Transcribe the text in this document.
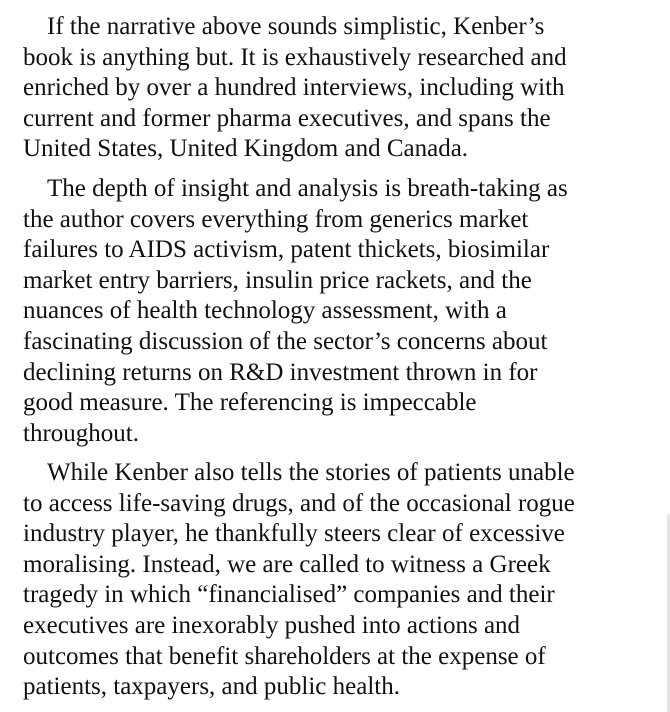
If the narrative above sounds simplistic, Kenber’s
book is anything but. It is exhaustively researched and
enriched by over a hundred interviews, including with
current and former pharma executives, and spans the
United States, United Kingdom and Canada.

The depth of insight and analysis is breath-taking as
the author covers everything from generics market
failures to AIDS activism, patent thickets, biosimilar
market entry barriers, insulin price rackets, and the
nuances of health technology assessment, with a
fascinating discussion of the sector’s concerns about
declining returns on R&D investment thrown in for
good measure. The referencing is impeccable
throughout.

While Kenber also tells the stories of patients unable
to access life-saving drugs, and of the occasional rogue
industry player, he thankfully steers clear of excessive
moralising. Instead, we are called to witness a Greek
tragedy in which “financialised” companies and their
executives are inexorably pushed into actions and
outcomes that benefit shareholders at the expense of
patients, taxpayers, and public health.
